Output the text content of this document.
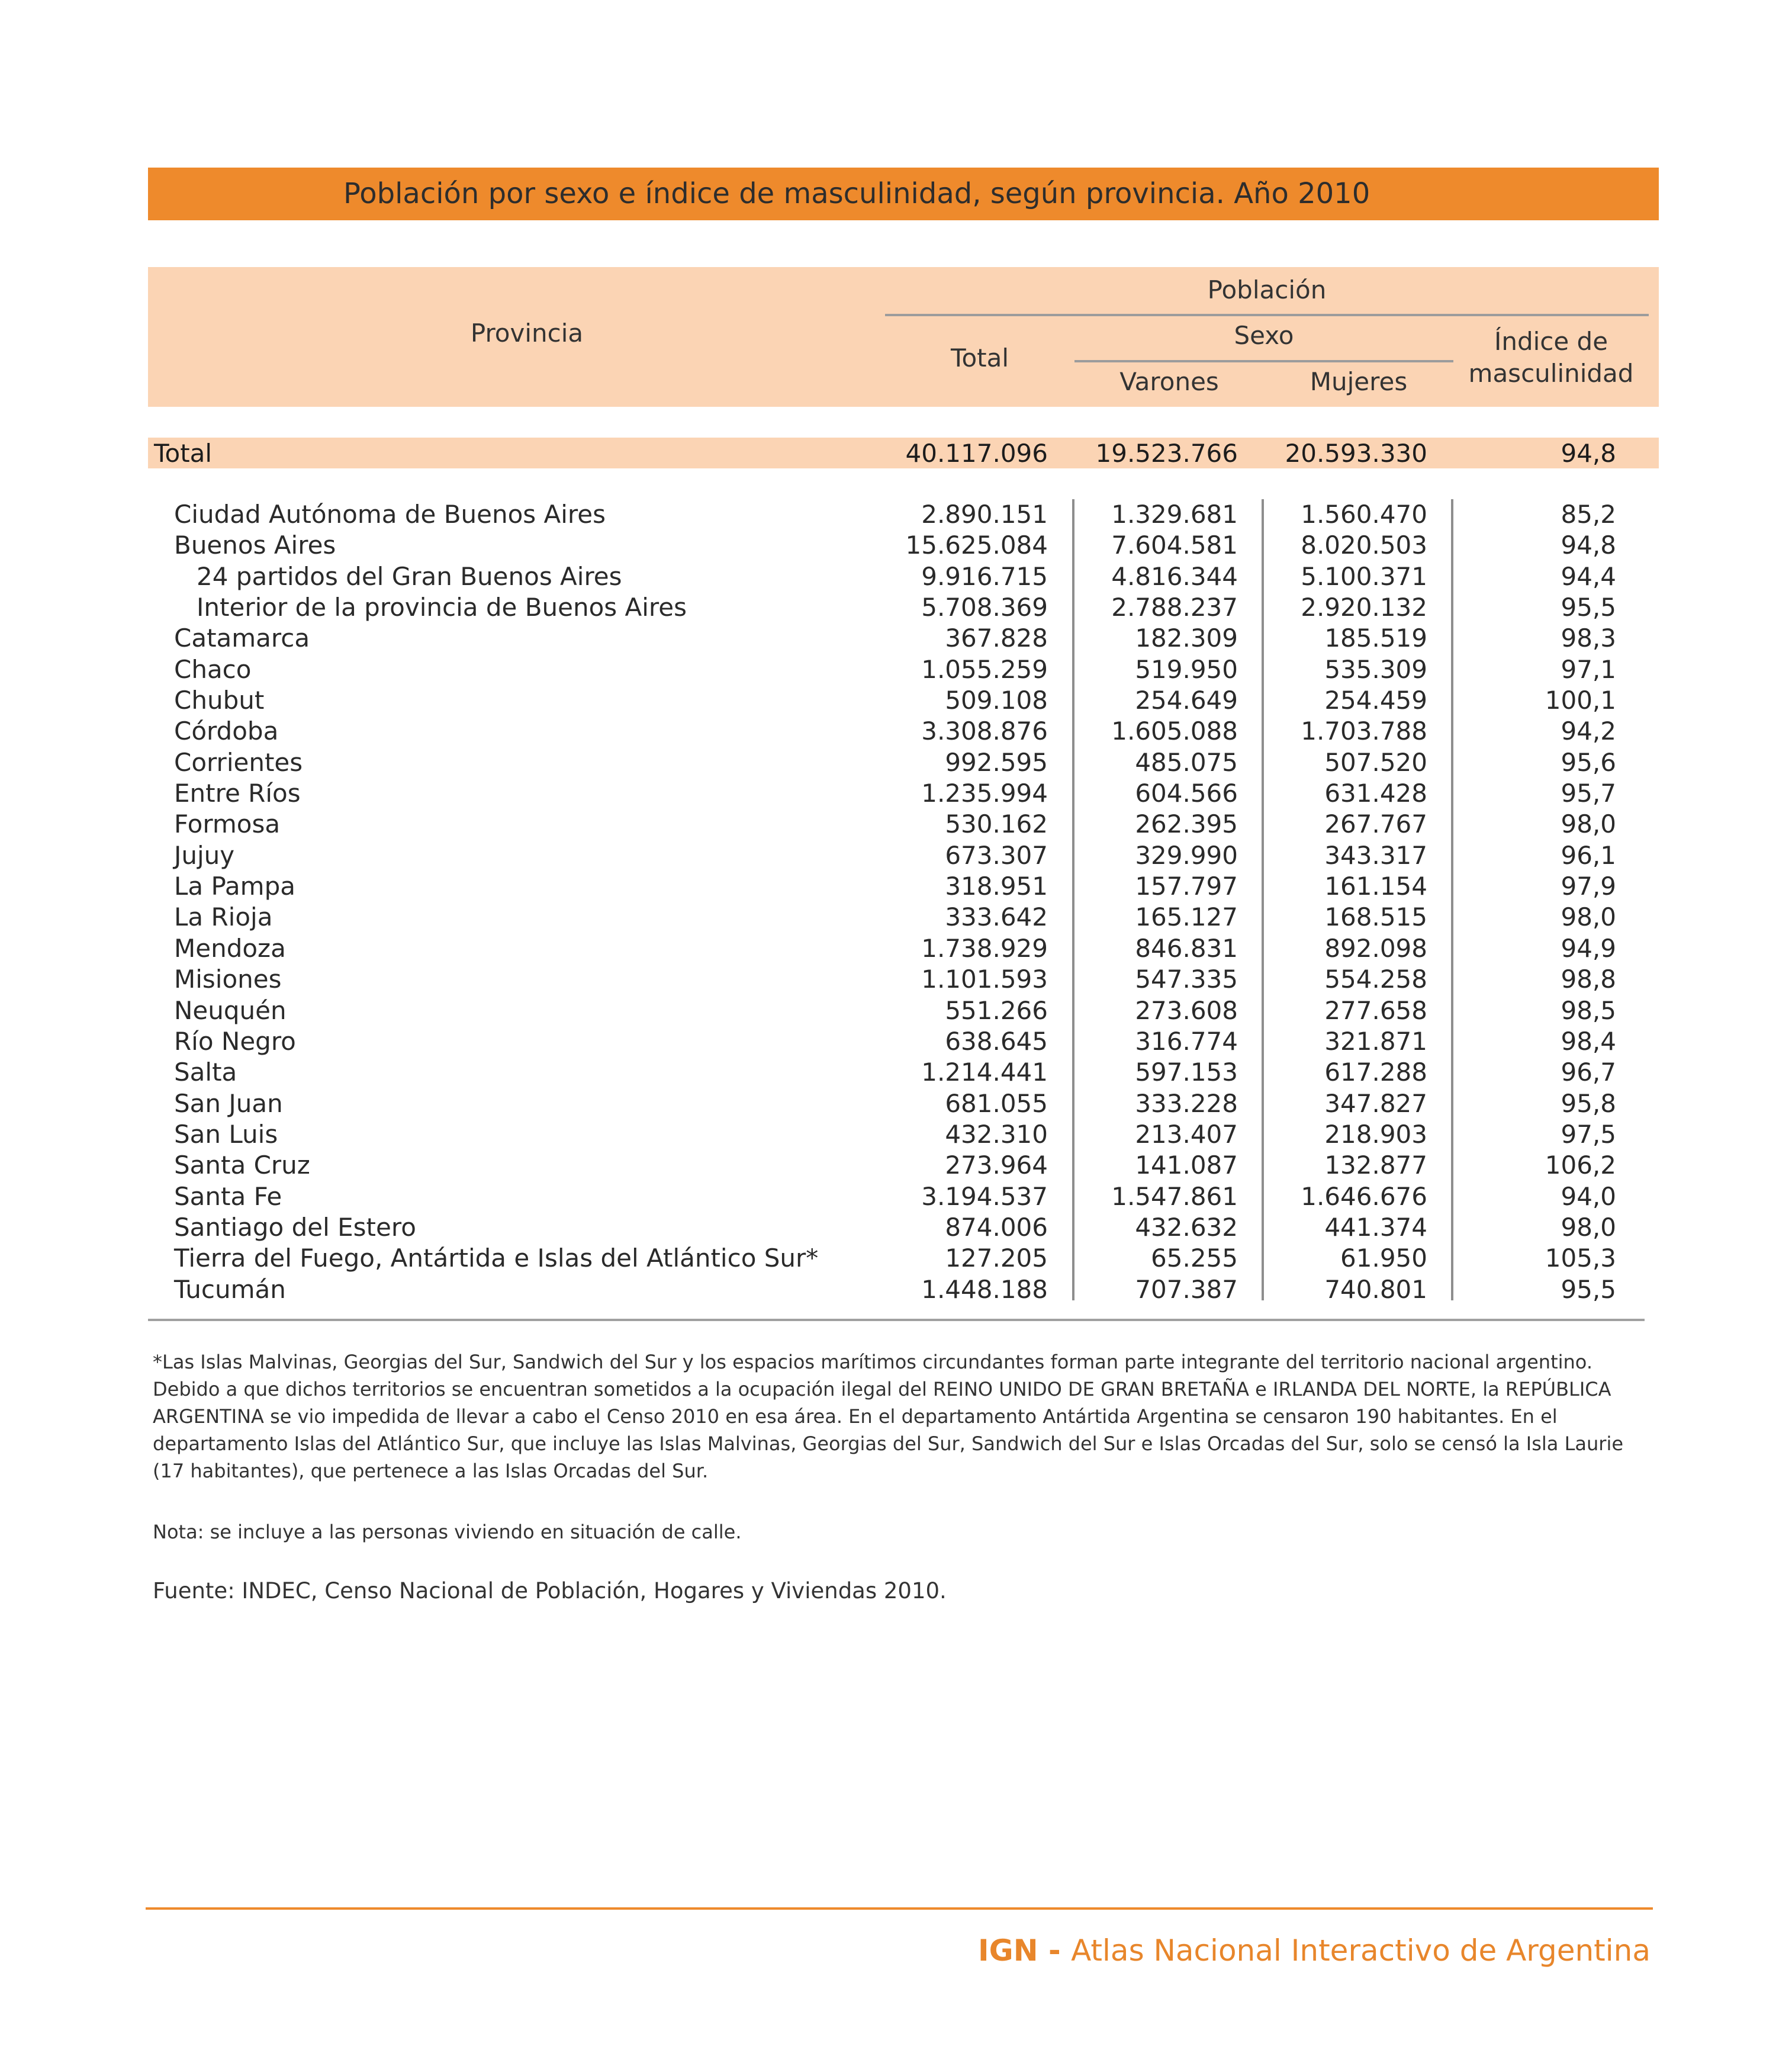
Población por sexo e índice de masculinidad, según provincia. Año 2010
Provincia
Población
Total
Sexo
Varones	Mujeres
Índice de
masculinidad
Total	40.117.096 19.523.766 20.593.330	94,8
Ciudad Autónoma de Buenos Aires	2.890.151	1.329.681	1.560.470	85,2
Buenos Aires	15.625.084	7.604.581	8.020.503	94,8
24 partidos del Gran Buenos Aires	9.916.715	4.816.344	5.100.371	94,4
Interior de la provincia de Buenos Aires	5.708.369	2.788.237	2.920.132	95,5
Catamarca	367.828	182.309	185.519	98,3
Chaco	1.055.259	519.950	535.309	97,1
Chubut	509.108	254.649	254.459	100,1
Córdoba	3.308.876	1.605.088	1.703.788	94,2
Corrientes	992.595	485.075	507.520	95,6
Entre Ríos	1.235.994	604.566	631.428	95,7
Formosa	530.162	262.395	267.767	98,0
Jujuy	673.307	329.990	343.317	96,1
La Pampa	318.951	157.797	161.154	97,9
La Rioja	333.642	165.127	168.515	98,0
Mendoza	1.738.929	846.831	892.098	94,9
Misiones	1.101.593	547.335	554.258	98,8
Neuquén	551.266	273.608	277.658	98,5
Río Negro	638.645	316.774	321.871	98,4
Salta	1.214.441	597.153	617.288	96,7
San Juan	681.055	333.228	347.827	95,8
San Luis	432.310	213.407	218.903	97,5
Santa Cruz	273.964	141.087	132.877	106,2
Santa Fe	3.194.537	1.547.861	1.646.676	94,0
Santiago del Estero	874.006	432.632	441.374	98,0
Tierra del Fuego, Antártida e Islas del Atlántico Sur*	127.205	65.255	61.950	105,3
Tucumán	1.448.188	707.387	740.801	95,5
*Las Islas Malvinas, Georgias del Sur, Sandwich del Sur y los espacios marítimos circundantes forman parte integrante del territorio nacional argentino. Debido a que dichos territorios se encuentran sometidos a la ocupación ilegal del REINO UNIDO DE GRAN BRETAÑA e IRLANDA DEL NORTE, la REPÚBLICA ARGENTINA se vio impedida de llevar a cabo el Censo 2010 en esa área. En el departamento Antártida Argentina se censaron 190 habitantes. En el departamento Islas del Atlántico Sur, que incluye las Islas Malvinas, Georgias del Sur, Sandwich del Sur e Islas Orcadas del Sur, solo se censó la Isla Laurie (17 habitantes), que pertenece a las Islas Orcadas del Sur.
Nota: se incluye a las personas viviendo en situación de calle.
Fuente: INDEC, Censo Nacional de Población, Hogares y Viviendas 2010.
IGN - Atlas Nacional Interactivo de Argentina
